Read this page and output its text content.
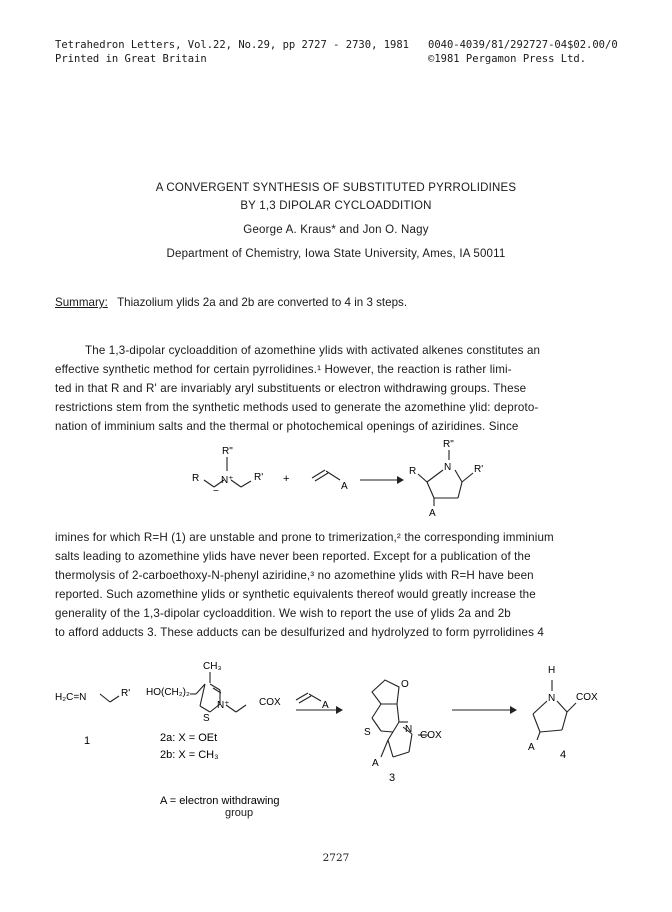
Tetrahedron Letters, Vol.22, No.29, pp 2727 - 2730, 1981
Printed in Great Britain
0040-4039/81/292727-04$02.00/0
©1981 Pergamon Press Ltd.
A CONVERGENT SYNTHESIS OF SUBSTITUTED PYRROLIDINES
BY 1,3 DIPOLAR CYCLOADDITION
George A. Kraus* and Jon O. Nagy
Department of Chemistry, Iowa State University, Ames, IA 50011
Summary: Thiazolium ylids 2a and 2b are converted to 4 in 3 steps.
The 1,3-dipolar cycloaddition of azomethine ylids with activated alkenes constitutes an
effective synthetic method for certain pyrrolidines.¹ However, the reaction is rather limi-
ted in that R and R' are invariably aryl substituents or electron withdrawing groups. These
restrictions stem from the synthetic methods used to generate the azomethine ylid: deproto-
nation of imminium salts and the thermal or photochemical openings of aziridines. Since
R"
R N⁺ R'
−
+
A
R"
R	N R'
A
imines for which R=H (1) are unstable and prone to trimerization,² the corresponding imminium
salts leading to azomethine ylids have never been reported. Except for a publication of the
thermolysis of 2-carboethoxy-N-phenyl aziridine,³ no azomethine ylids with R=H have been
reported. Such azomethine ylids or synthetic equivalents thereof would greatly increase the
generality of the 1,3-dipolar cycloaddition. We wish to report the use of ylids 2a and 2b
to afford adducts 3. These adducts can be desulfurized and hydrolyzed to form pyrrolidines 4
H₂C=N	R'
1
CH₃
HO(CH₂)₂
N⁺	COX
S
A
2a: X = OEt
2b: X = CH₃
O
S	N
COX
A
3
H
N COX
A
4
A = electron withdrawing
group
2727
